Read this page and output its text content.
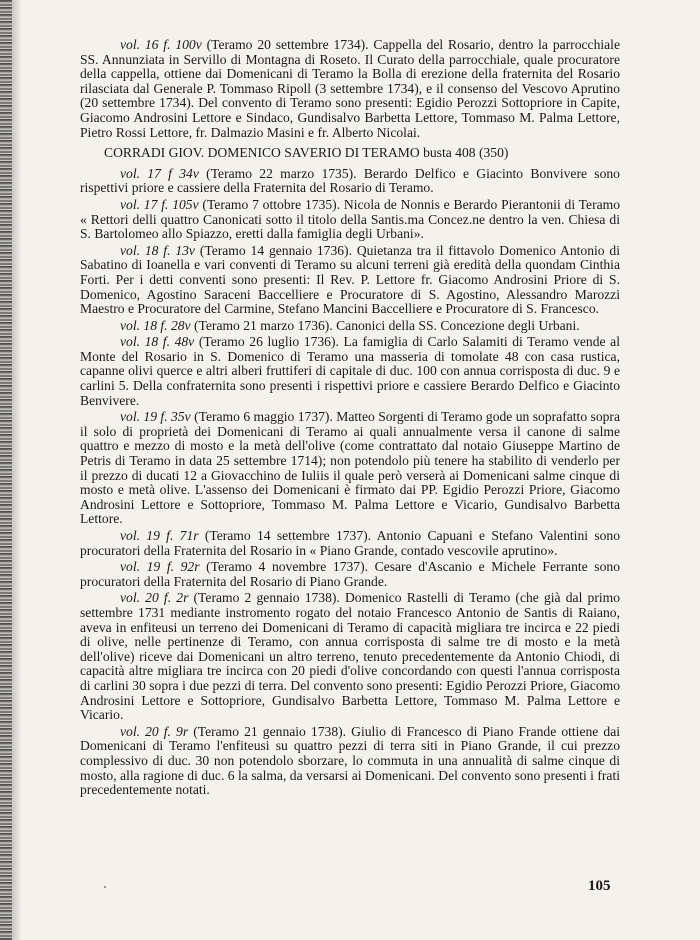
vol. 16 f. 100v (Teramo 20 settembre 1734). Cappella del Rosario, dentro la parrocchiale SS. Annunziata in Servillo di Montagna di Roseto. Il Curato della parrocchiale, quale procuratore della cappella, ottiene dai Domenicani di Teramo la Bolla di erezione della fraternita del Rosario rilasciata dal Generale P. Tommaso Ripoll (3 settembre 1734), e il consenso del Vescovo Aprutino (20 settembre 1734). Del convento di Teramo sono presenti: Egidio Perozzi Sottopriore in Capite, Giacomo Androsini Lettore e Sindaco, Gundisalvo Barbetta Lettore, Tommaso M. Palma Lettore, Pietro Rossi Lettore, fr. Dalmazio Masini e fr. Alberto Nicolai.

CORRADI GIOV. DOMENICO SAVERIO DI TERAMO busta 408 (350)

vol. 17 f 34v (Teramo 22 marzo 1735). Berardo Delfico e Giacinto Bonvivere sono rispettivi priore e cassiere della Fraternita del Rosario di Teramo.

vol. 17 f. 105v (Teramo 7 ottobre 1735). Nicola de Nonnis e Berardo Pierantonii di Teramo « Rettori delli quattro Canonicati sotto il titolo della Santis.ma Concez.ne dentro la ven. Chiesa di S. Bartolomeo allo Spiazzo, eretti dalla famiglia degli Urbani».

vol. 18 f. 13v (Teramo 14 gennaio 1736). Quietanza tra il fittavolo Domenico Antonio di Sabatino di Ioanella e vari conventi di Teramo su alcuni terreni già eredità della quondam Cinthia Forti. Per i detti conventi sono presenti: Il Rev. P. Lettore fr. Giacomo Androsini Priore di S. Domenico, Agostino Saraceni Baccelliere e Procuratore di S. Agostino, Alessandro Marozzi Maestro e Procuratore del Carmine, Stefano Mancini Baccelliere e Procuratore di S. Francesco.

vol. 18 f. 28v (Teramo 21 marzo 1736). Canonici della SS. Concezione degli Urbani.

vol. 18 f. 48v (Teramo 26 luglio 1736). La famiglia di Carlo Salamiti di Teramo vende al Monte del Rosario in S. Domenico di Teramo una masseria di tomolate 48 con casa rustica, capanne olivi querce e altri alberi fruttiferi di capitale di duc. 100 con annua corrisposta di duc. 9 e carlini 5. Della confraternita sono presenti i rispettivi priore e cassiere Berardo Delfico e Giacinto Benvivere.

vol. 19 f. 35v (Teramo 6 maggio 1737). Matteo Sorgenti di Teramo gode un soprafatto sopra il solo di proprietà dei Domenicani di Teramo ai quali annualmente versa il canone di salme quattro e mezzo di mosto e la metà dell'olive (come contrattato dal notaio Giuseppe Martino de Petris di Teramo in data 25 settembre 1714); non potendolo più tenere ha stabilito di venderlo per il prezzo di ducati 12 a Giovacchino de Iuliis il quale però verserà ai Domenicani salme cinque di mosto e metà olive. L'assenso dei Domenicani è firmato dai PP. Egidio Perozzi Priore, Giacomo Androsini Lettore e Sottopriore, Tommaso M. Palma Lettore e Vicario, Gundisalvo Barbetta Lettore.

vol. 19 f. 71r (Teramo 14 settembre 1737). Antonio Capuani e Stefano Valentini sono procuratori della Fraternita del Rosario in « Piano Grande, contado vescovile aprutino».

vol. 19 f. 92r (Teramo 4 novembre 1737). Cesare d'Ascanio e Michele Ferrante sono procuratori della Fraternita del Rosario di Piano Grande.

vol. 20 f. 2r (Teramo 2 gennaio 1738). Domenico Rastelli di Teramo (che già dal primo settembre 1731 mediante instromento rogato del notaio Francesco Antonio de Santis di Raiano, aveva in enfiteusi un terreno dei Domenicani di Teramo di capacità migliara tre incirca e 22 piedi di olive, nelle pertinenze di Teramo, con annua corrisposta di salme tre di mosto e la metà dell'olive) riceve dai Domenicani un altro terreno, tenuto precedentemente da Antonio Chiodi, di capacità altre migliara tre incirca con 20 piedi d'olive concordando con questi l'annua corrisposta di carlini 30 sopra i due pezzi di terra. Del convento sono presenti: Egidio Perozzi Priore, Giacomo Androsini Lettore e Sottopriore, Gundisalvo Barbetta Lettore, Tommaso M. Palma Lettore e Vicario.

vol. 20 f. 9r (Teramo 21 gennaio 1738). Giulio di Francesco di Piano Frande ottiene dai Domenicani di Teramo l'enfiteusi su quattro pezzi di terra siti in Piano Grande, il cui prezzo complessivo di duc. 30 non potendolo sborzare, lo commuta in una annualità di salme cinque di mosto, alla ragione di duc. 6 la salma, da versarsi ai Domenicani. Del convento sono presenti i frati precedentemente notati.

105
